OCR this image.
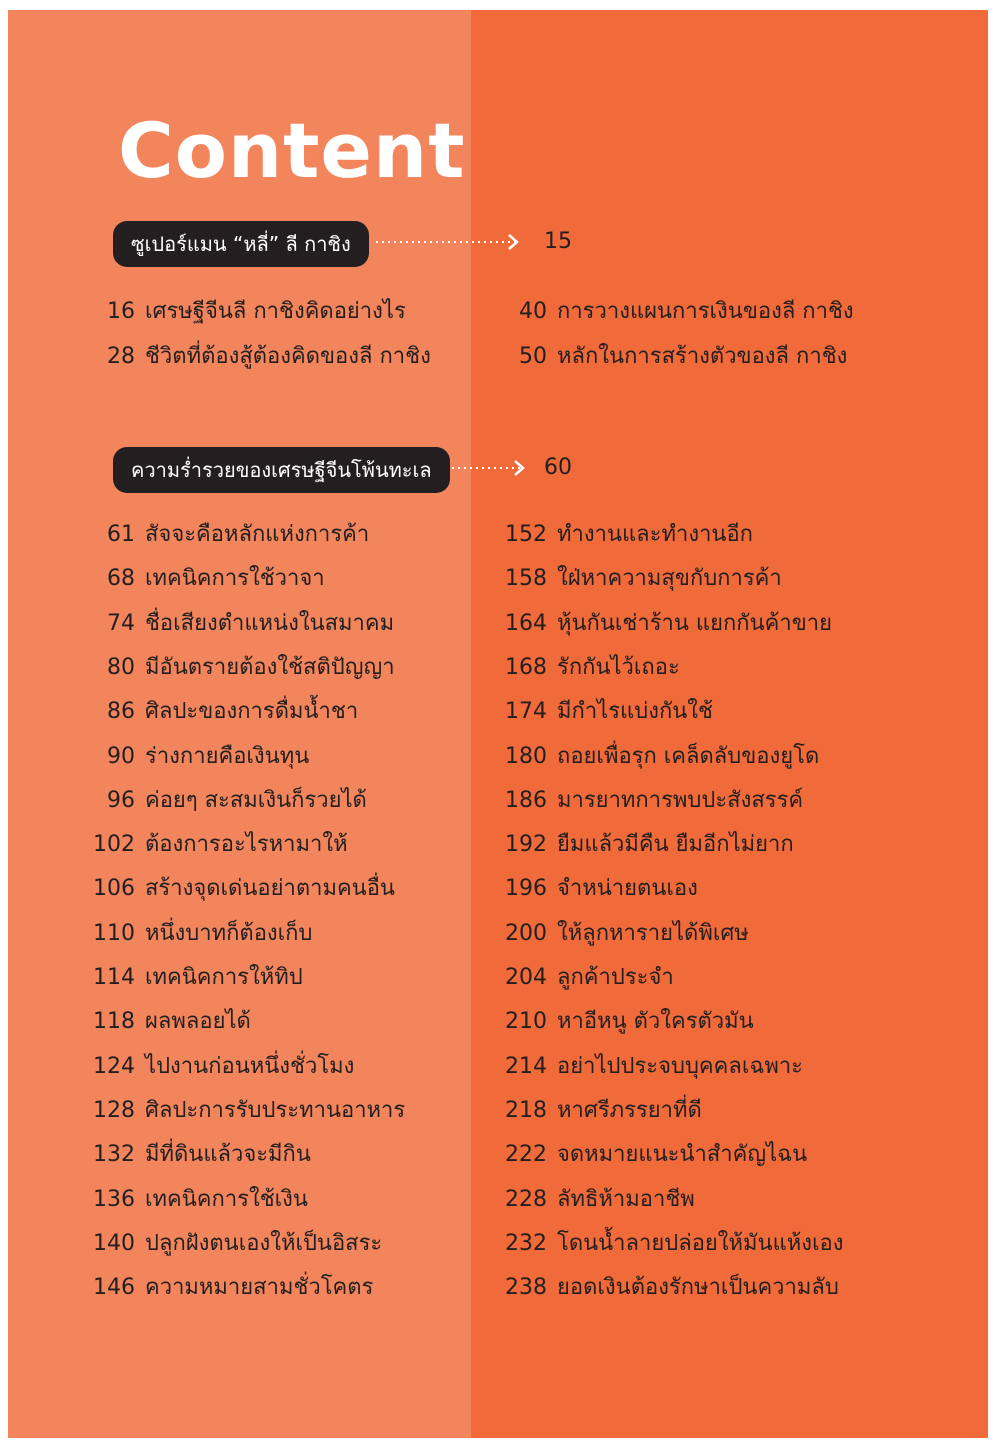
Content
ซูเปอร์แมน “หลี่” ลี กาชิง	15
16 เศรษฐีจีนลี กาชิงคิดอย่างไร
28 ชีวิตที่ต้องสู้ต้องคิดของลี กาชิง
40 การวางแผนการเงินของลี กาชิง
50 หลักในการสร้างตัวของลี กาชิง
ความร่ำรวยของเศรษฐีจีนโพ้นทะเล	60
61 สัจจะคือหลักแห่งการค้า
68 เทคนิคการใช้วาจา
74 ชื่อเสียงตำแหน่งในสมาคม
80 มีอันตรายต้องใช้สติปัญญา
86 ศิลปะของการดื่มน้ำชา
90 ร่างกายคือเงินทุน
96 ค่อยๆ สะสมเงินก็รวยได้
102 ต้องการอะไรหามาให้
106 สร้างจุดเด่นอย่าตามคนอื่น
110 หนึ่งบาทก็ต้องเก็บ
114 เทคนิคการให้ทิป
118 ผลพลอยได้
124 ไปงานก่อนหนึ่งชั่วโมง
128 ศิลปะการรับประทานอาหาร
132 มีที่ดินแล้วจะมีกิน
136 เทคนิคการใช้เงิน
140 ปลูกฝังตนเองให้เป็นอิสระ
146 ความหมายสามชั่วโคตร
152 ทำงานและทำงานอีก
158 ใฝ่หาความสุขกับการค้า
164 หุ้นกันเช่าร้าน แยกกันค้าขาย
168 รักกันไว้เถอะ
174 มีกำไรแบ่งกันใช้
180 ถอยเพื่อรุก เคล็ดลับของยูโด
186 มารยาทการพบปะสังสรรค์
192 ยืมแล้วมีคืน ยืมอีกไม่ยาก
196 จำหน่ายตนเอง
200 ให้ลูกหารายได้พิเศษ
204 ลูกค้าประจำ
210 หาอีหนู ตัวใครตัวมัน
214 อย่าไปประจบบุคคลเฉพาะ
218 หาศรีภรรยาที่ดี
222 จดหมายแนะนำสำคัญไฉน
228 ลัทธิห้ามอาชีพ
232 โดนน้ำลายปล่อยให้มันแห้งเอง
238 ยอดเงินต้องรักษาเป็นความลับ
